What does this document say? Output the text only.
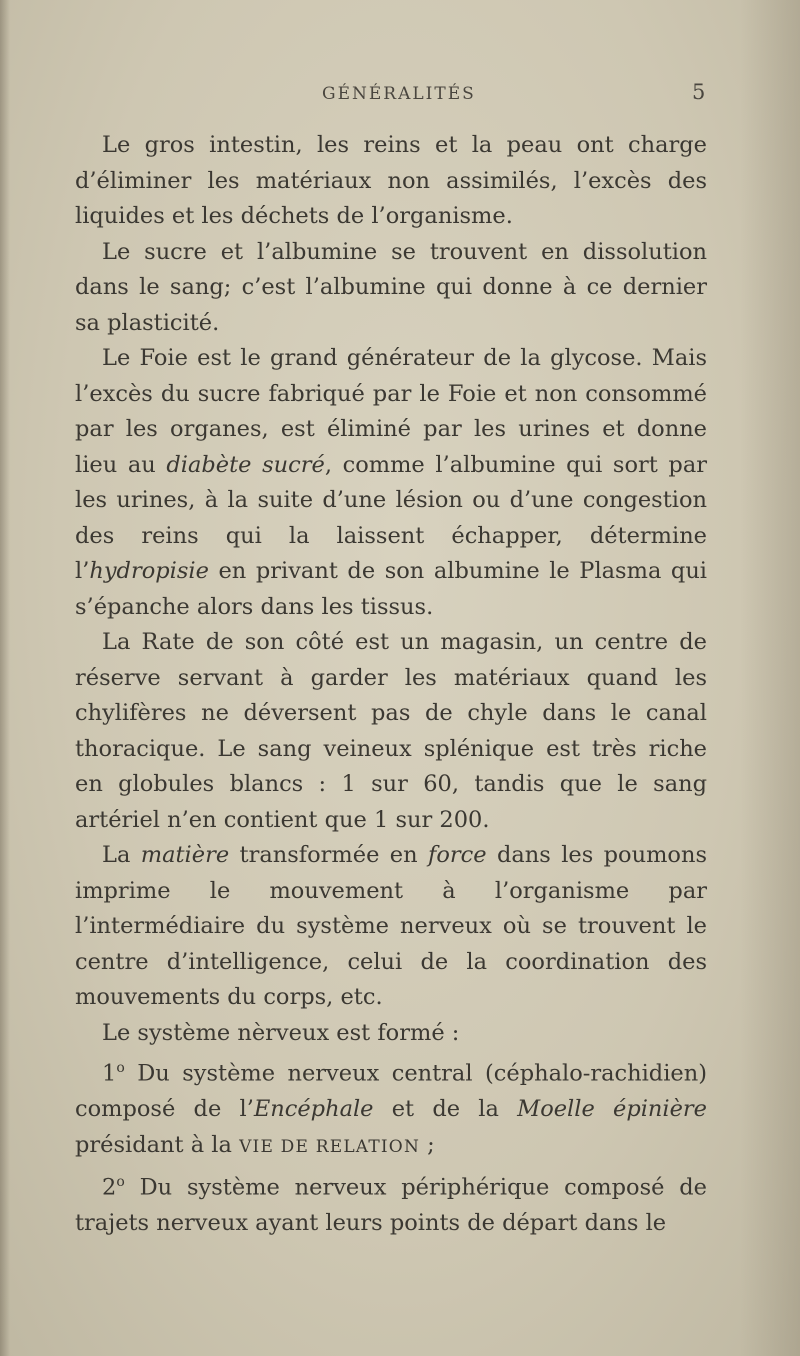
GÉNÉRALITÉS	5

Le gros intestin, les reins et la peau ont charge d’éliminer les matériaux non assimilés, l’excès des liquides et les déchets de l’organisme.

Le sucre et l’albumine se trouvent en dissolution dans le sang; c’est l’albumine qui donne à ce dernier sa plasticité.

Le Foie est le grand générateur de la glycose. Mais l’excès du sucre fabriqué par le Foie et non consommé par les organes, est éliminé par les urines et donne lieu au diabète sucré, comme l’albumine qui sort par les urines, à la suite d’une lésion ou d’une congestion des reins qui la laissent échapper, détermine l’hydropisie en privant de son albumine le Plasma qui s’épanche alors dans les tissus.

La Rate de son côté est un magasin, un centre de réserve servant à garder les matériaux quand les chylifères ne déversent pas de chyle dans le canal thoracique. Le sang veineux splénique est très riche en globules blancs : 1 sur 60, tandis que le sang artériel n’en contient que 1 sur 200.

La matière transformée en force dans les poumons imprime le mouvement à l’organisme par l’intermédiaire du système nerveux où se trouvent le centre d’intelligence, celui de la coordination des mouvements du corps, etc.

Le système nèrveux est formé :

1$^o$ Du système nerveux central (céphalo-rachidien) composé de l’Encéphale et de la Moelle épinière présidant à la VIE DE RELATION ;

2$^o$ Du système nerveux périphérique composé de trajets nerveux ayant leurs points de départ dans le
